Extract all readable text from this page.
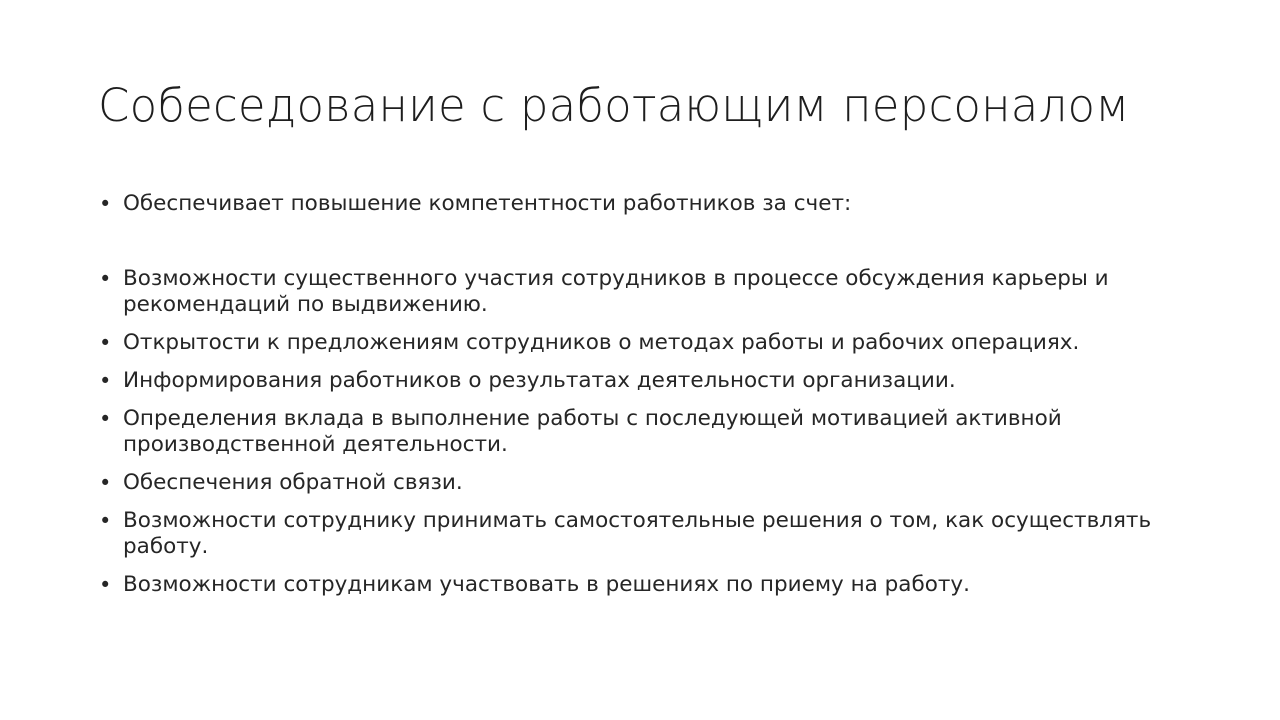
Собеседование с работающим персоналом
• Обеспечивает повышение компетентности работников за счет:
• Возможности существенного участия сотрудников в процессе обсуждения карьеры и рекомендаций по выдвижению.
• Открытости к предложениям сотрудников о методах работы и рабочих операциях.
• Информирования работников о результатах деятельности организации.
• Определения вклада в выполнение работы с последующей мотивацией активной производственной деятельности.
• Обеспечения обратной связи.
• Возможности сотруднику принимать самостоятельные решения о том, как осуществлять работу.
• Возможности сотрудникам участвовать в решениях по приему на работу.
